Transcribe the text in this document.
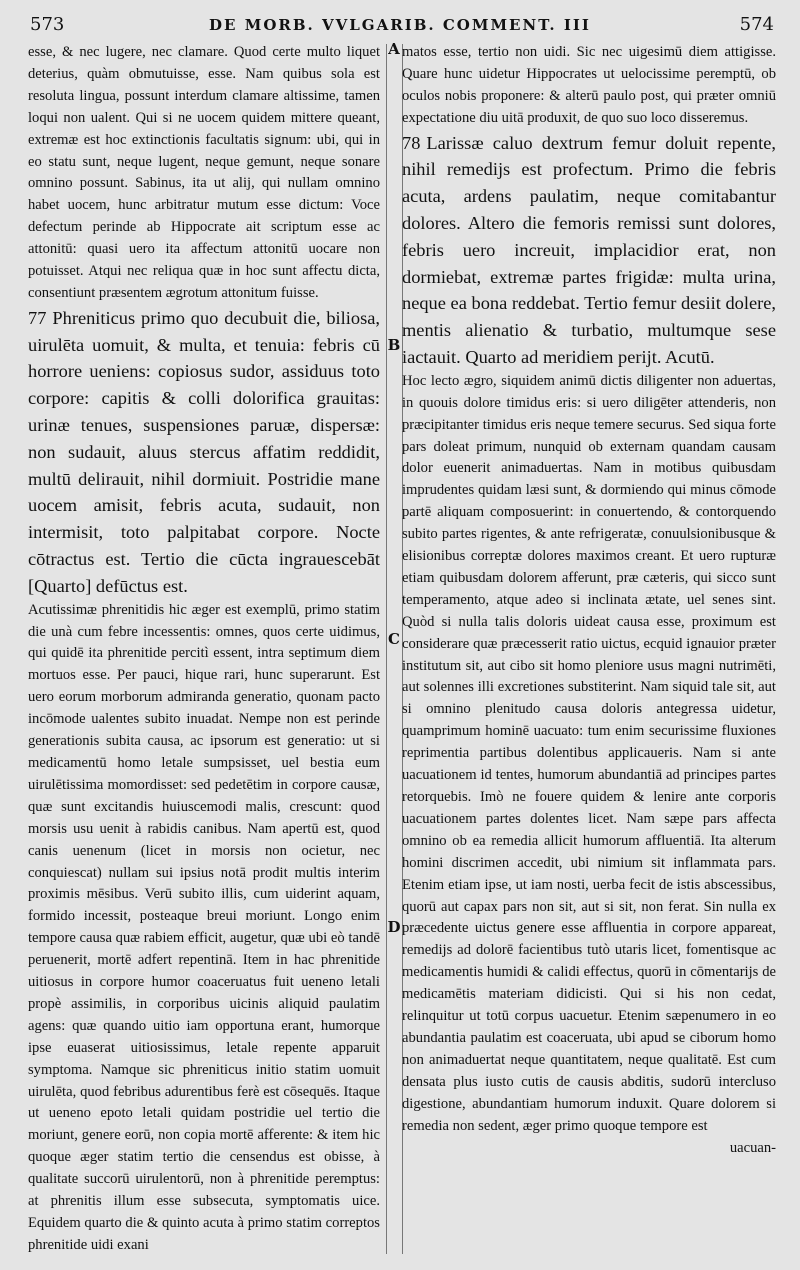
573	DE MORB. VVLGARIB. COMMENT. III	574
A
B
C
D

esse, & nec lugere, nec clamare. Quod certe multo liquet deterius, quàm obmutuisse, esse. Nam quibus sola est resoluta lingua, possunt interdum clamare altissime, tamen loqui non ualent. Qui si ne uocem quidem mittere queant, extremæ est hoc extinctionis facultatis signum: ubi, qui in eo statu sunt, neque lugent, neque gemunt, neque sonare omnino possunt. Sabinus, ita ut alij, qui nullam omnino habet uocem, hunc arbitratur mutum esse dictum: Voce defectum perinde ab Hippocrate ait scriptum esse ac attonitū: quasi uero ita affectum attonitū uocare non potuisset. Atqui nec reliqua quæ in hoc sunt affectu dicta, consentiunt præsentem ægrotum attonitum fuisse.

77 Phreniticus primo quo decubuit die, biliosa, uirulēta uomuit, & multa, et tenuia: febris cū horrore ueniens: copiosus sudor, assiduus toto corpore: capitis & colli dolorifica grauitas: urinæ tenues, suspensiones paruæ, dispersæ: non sudauit, aluus stercus affatim reddidit, multū delirauit, nihil dormiuit. Postridie mane uocem amisit, febris acuta, sudauit, non intermisit, toto palpitabat corpore. Nocte cōtractus est. Tertio die cūcta ingrauescebāt [Quarto] defūctus est.

Acutissimæ phrenitidis hic æger est exemplū, primo statim die unà cum febre incessentis: omnes, quos certe uidimus, qui quidē ita phrenitide percitì essent, intra septimum diem mortuos esse. Per pauci, hique rari, hunc superarunt. Est uero eorum morborum admiranda generatio, quonam pacto incōmode ualentes subito inuadat. Nempe non est perinde generationis subita causa, ac ipsorum est generatio: ut si medicamentū homo letale sumpsisset, uel bestia eum uirulētissima momordisset: sed pedetētim in corpore causæ, quæ sunt excitandis huiuscemodi malis, crescunt: quod morsis usu uenit à rabidis canibus. Nam apertū est, quod canis uenenum (licet in morsis non ocietur, nec conquiescat) nullam sui ipsius notā prodit multis interim proximis mēsibus. Verū subito illis, cum uiderint aquam, formido incessit, posteaque breui moriunt. Longo enim tempore causa quæ rabiem efficit, augetur, quæ ubi eò tandē peruenerit, mortē adfert repentinā. Item in hac phrenitide uitiosus in corpore humor coaceruatus fuit ueneno letali propè assimilis, in corporibus uicinis aliquid paulatim agens: quæ quando uitio iam opportuna erant, humorque ipse euaserat uitiosissimus, letale repente apparuit symptoma. Namque sic phreniticus initio statim uomuit uirulēta, quod febribus adurentibus ferè est cōsequēs. Itaque ut ueneno epoto letali quidam postridie uel tertio die moriunt, genere eorū, non copia mortē afferente: & item hic quoque æger statim tertio die censendus est obisse, à qualitate succorū uirulentorū, non à phrenitide peremptus: at phrenitis illum esse subsecuta, symptomatis uice. Equidem quarto die & quinto acuta à primo statim correptos phrenitide uidi exani

matos esse, tertio non uidi. Sic nec uigesimū diem attigisse. Quare hunc uidetur Hippocrates ut uelocissime peremptū, ob oculos nobis proponere: & alterū paulo post, qui prӕter omniū expectatione diu uitā produxit, de quo suo loco disseremus.

78 Larissæ caluo dextrum femur doluit repente, nihil remedijs est profectum. Primo die febris acuta, ardens paulatim, neque comitabantur dolores. Altero die femoris remissi sunt dolores, febris uero increuit, implacidior erat, non dormiebat, extremæ partes frigidæ: multa urina, neque ea bona reddebat. Tertio femur desiit dolere, mentis alienatio & turbatio, multumque sese iactauit. Quarto ad meridiem perijt. Acutū.

Hoc lecto ægro, siquidem animū dictis diligenter non aduertas, in quouis dolore timidus eris: si uero diligēter attenderis, non præcipitanter timidus eris neque temere securus. Sed siqua forte pars doleat primum, nunquid ob externam quandam causam dolor euenerit animaduertas. Nam in motibus quibusdam imprudentes quidam læsi sunt, & dormiendo qui minus cōmode partē aliquam composuerint: in conuertendo, & contorquendo subito partes rigentes, & ante refrigeratæ, conuulsionibusque & elisionibus correptæ dolores maximos creant. Et uero rupturæ etiam quibusdam dolorem afferunt, præ cæteris, qui sicco sunt temperamento, atque adeo si inclinata ætate, uel senes sint. Quòd si nulla talis doloris uideat causa esse, proximum est considerare quæ præcesserit ratio uictus, ecquid ignauior præter institutum sit, aut cibo sit homo pleniore usus magni nutrimēti, aut solennes illi excretiones substiterint. Nam siquid tale sit, aut si omnino plenitudo causa doloris antegressa uidetur, quamprimum hominē uacuato: tum enim securissime fluxiones reprimentia partibus dolentibus applicaueris. Nam si ante uacuationem id tentes, humorum abundantiā ad principes partes retorquebis. Imò ne fouere quidem & lenire ante corporis uacuationem partes dolentes licet. Nam sæpe pars affecta omnino ob ea remedia allicit humorum affluentiā. Ita alterum homini discrimen accedit, ubi nimium sit inflammata pars. Etenim etiam ipse, ut iam nosti, uerba fecit de istis abscessibus, quorū aut capax pars non sit, aut si sit, non ferat. Sin nulla ex præcedente uictus genere esse affluentia in corpore appareat, remedijs ad dolorē facientibus tutò utaris licet, fomentisque ac medicamentis humidi & calidi effectus, quorū in cōmentarijs de medicamētis materiam didicisti. Qui si his non cedat, relinquitur ut totū corpus uacuetur. Etenim sæpenumero in eo abundantia paulatim est coaceruata, ubi apud se ciborum homo non animaduertat neque quantitatem, neque qualitatē. Est cum densata plus iusto cutis de causis abditis, sudorū intercluso digestione, abundantiam humorum induxit. Quare dolorem si remedia non sedent, æger primo quoque tempore est

uacuan-
